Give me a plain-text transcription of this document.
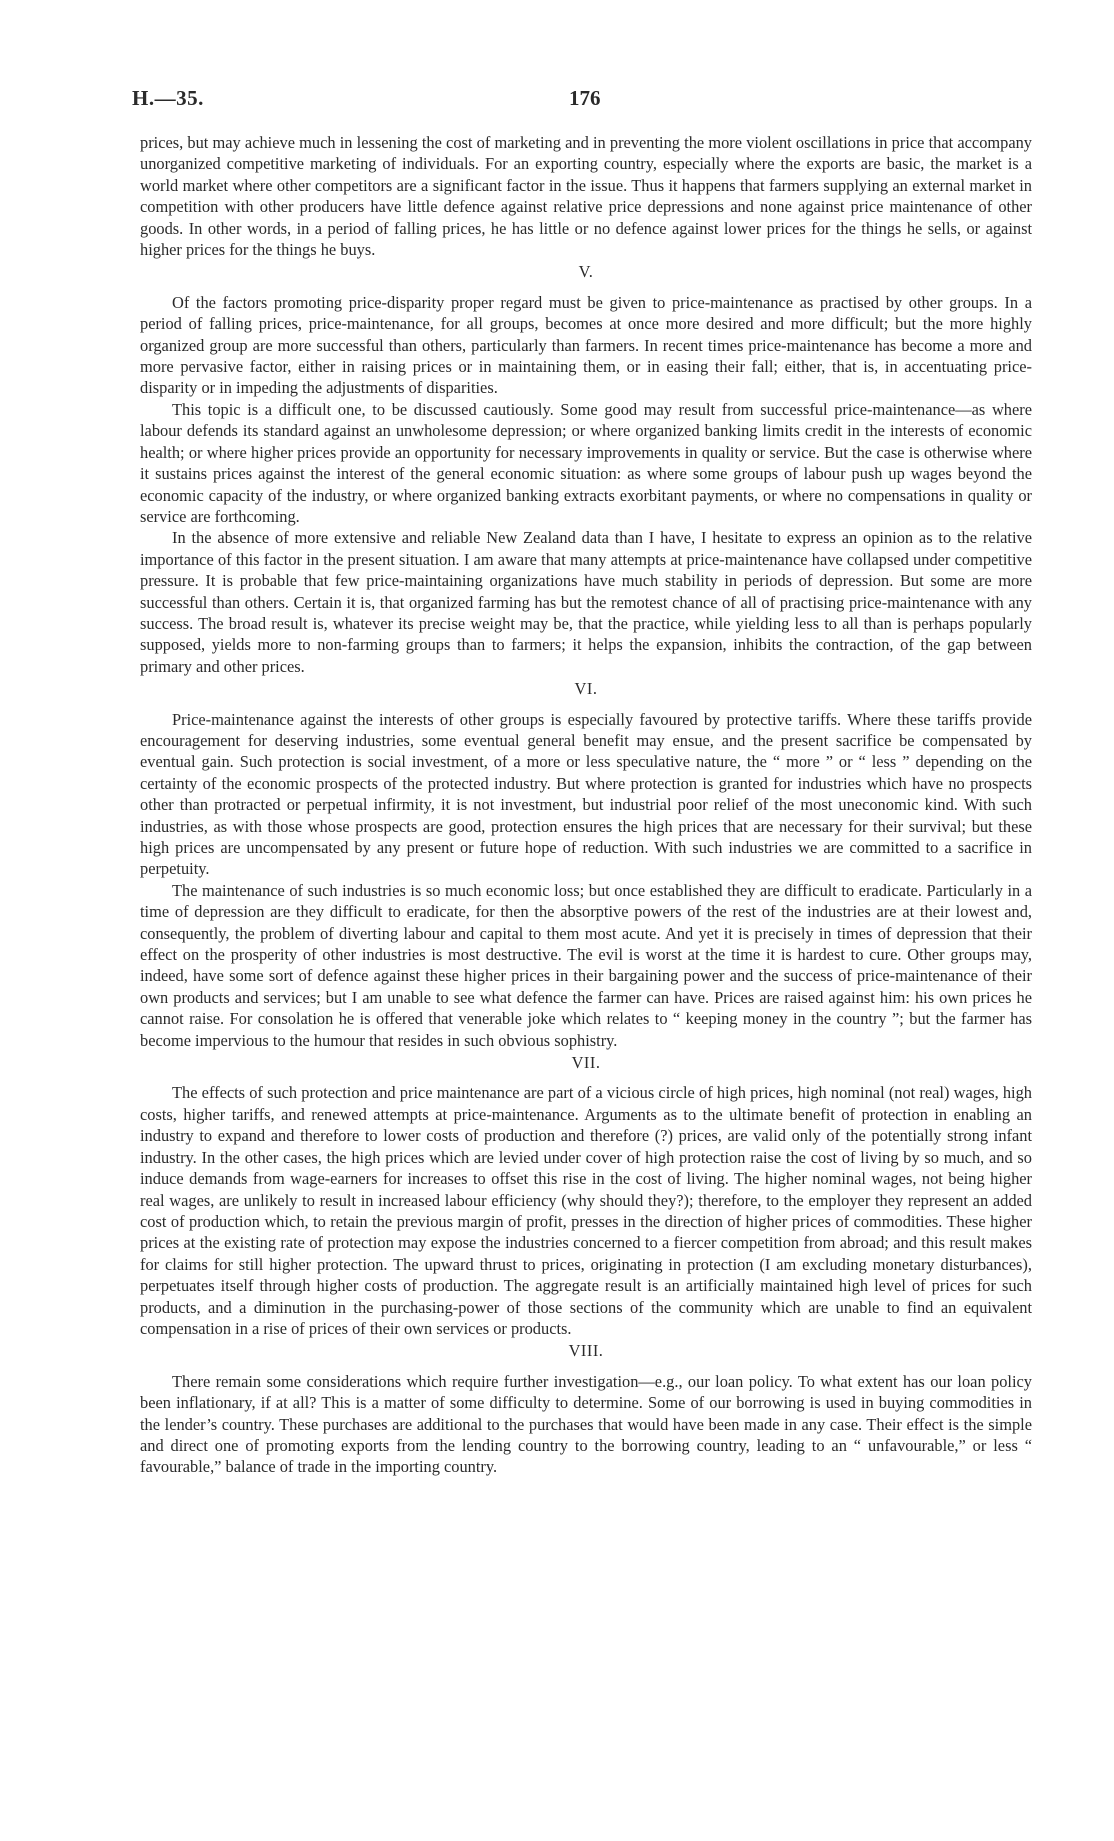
H.—35.	176

prices, but may achieve much in lessening the cost of marketing and in preventing the more violent oscillations in price that accompany unorganized competitive marketing of individuals. For an exporting country, especially where the exports are basic, the market is a world market where other competitors are a significant factor in the issue. Thus it happens that farmers supplying an external market in competition with other producers have little defence against relative price depressions and none against price maintenance of other goods. In other words, in a period of falling prices, he has little or no defence against lower prices for the things he sells, or against higher prices for the things he buys.

V.

Of the factors promoting price-disparity proper regard must be given to price-maintenance as practised by other groups. In a period of falling prices, price-maintenance, for all groups, becomes at once more desired and more difficult; but the more highly organized group are more successful than others, particularly than farmers. In recent times price-maintenance has become a more and more pervasive factor, either in raising prices or in maintaining them, or in easing their fall; either, that is, in accentuating price-disparity or in impeding the adjustments of disparities.

This topic is a difficult one, to be discussed cautiously. Some good may result from successful price-maintenance—as where labour defends its standard against an unwholesome depression; or where organized banking limits credit in the interests of economic health; or where higher prices provide an opportunity for necessary improvements in quality or service. But the case is otherwise where it sustains prices against the interest of the general economic situation: as where some groups of labour push up wages beyond the economic capacity of the industry, or where organized banking extracts exorbitant payments, or where no compensations in quality or service are forthcoming.

In the absence of more extensive and reliable New Zealand data than I have, I hesitate to express an opinion as to the relative importance of this factor in the present situation. I am aware that many attempts at price-maintenance have collapsed under competitive pressure. It is probable that few price-maintaining organizations have much stability in periods of depression. But some are more successful than others. Certain it is, that organized farming has but the remotest chance of all of practising price-maintenance with any success. The broad result is, whatever its precise weight may be, that the practice, while yielding less to all than is perhaps popularly supposed, yields more to non-farming groups than to farmers; it helps the expansion, inhibits the contraction, of the gap between primary and other prices.

VI.

Price-maintenance against the interests of other groups is especially favoured by protective tariffs. Where these tariffs provide encouragement for deserving industries, some eventual general benefit may ensue, and the present sacrifice be compensated by eventual gain. Such protection is social investment, of a more or less speculative nature, the “ more ” or “ less ” depending on the certainty of the economic prospects of the protected industry. But where protection is granted for industries which have no prospects other than protracted or perpetual infirmity, it is not investment, but industrial poor relief of the most uneconomic kind. With such industries, as with those whose prospects are good, protection ensures the high prices that are necessary for their survival; but these high prices are uncompensated by any present or future hope of reduction. With such industries we are committed to a sacrifice in perpetuity.

The maintenance of such industries is so much economic loss; but once established they are difficult to eradicate. Particularly in a time of depression are they difficult to eradicate, for then the absorptive powers of the rest of the industries are at their lowest and, consequently, the problem of diverting labour and capital to them most acute. And yet it is precisely in times of depression that their effect on the prosperity of other industries is most destructive. The evil is worst at the time it is hardest to cure. Other groups may, indeed, have some sort of defence against these higher prices in their bargaining power and the success of price-maintenance of their own products and services; but I am unable to see what defence the farmer can have. Prices are raised against him: his own prices he cannot raise. For consolation he is offered that venerable joke which relates to “ keeping money in the country ”; but the farmer has become impervious to the humour that resides in such obvious sophistry.

VII.

The effects of such protection and price maintenance are part of a vicious circle of high prices, high nominal (not real) wages, high costs, higher tariffs, and renewed attempts at price-maintenance. Arguments as to the ultimate benefit of protection in enabling an industry to expand and therefore to lower costs of production and therefore (?) prices, are valid only of the potentially strong infant industry. In the other cases, the high prices which are levied under cover of high protection raise the cost of living by so much, and so induce demands from wage-earners for increases to offset this rise in the cost of living. The higher nominal wages, not being higher real wages, are unlikely to result in increased labour efficiency (why should they?); therefore, to the employer they represent an added cost of production which, to retain the previous margin of profit, presses in the direction of higher prices of commodities. These higher prices at the existing rate of protection may expose the industries concerned to a fiercer competition from abroad; and this result makes for claims for still higher protection. The upward thrust to prices, originating in protection (I am excluding monetary disturbances), perpetuates itself through higher costs of production. The aggregate result is an artificially maintained high level of prices for such products, and a diminution in the purchasing-power of those sections of the community which are unable to find an equivalent compensation in a rise of prices of their own services or products.

VIII.

There remain some considerations which require further investigation—e.g., our loan policy. To what extent has our loan policy been inflationary, if at all? This is a matter of some difficulty to determine. Some of our borrowing is used in buying commodities in the lender’s country. These purchases are additional to the purchases that would have been made in any case. Their effect is the simple and direct one of promoting exports from the lending country to the borrowing country, leading to an “ unfavourable,” or less “ favourable,” balance of trade in the importing country.
